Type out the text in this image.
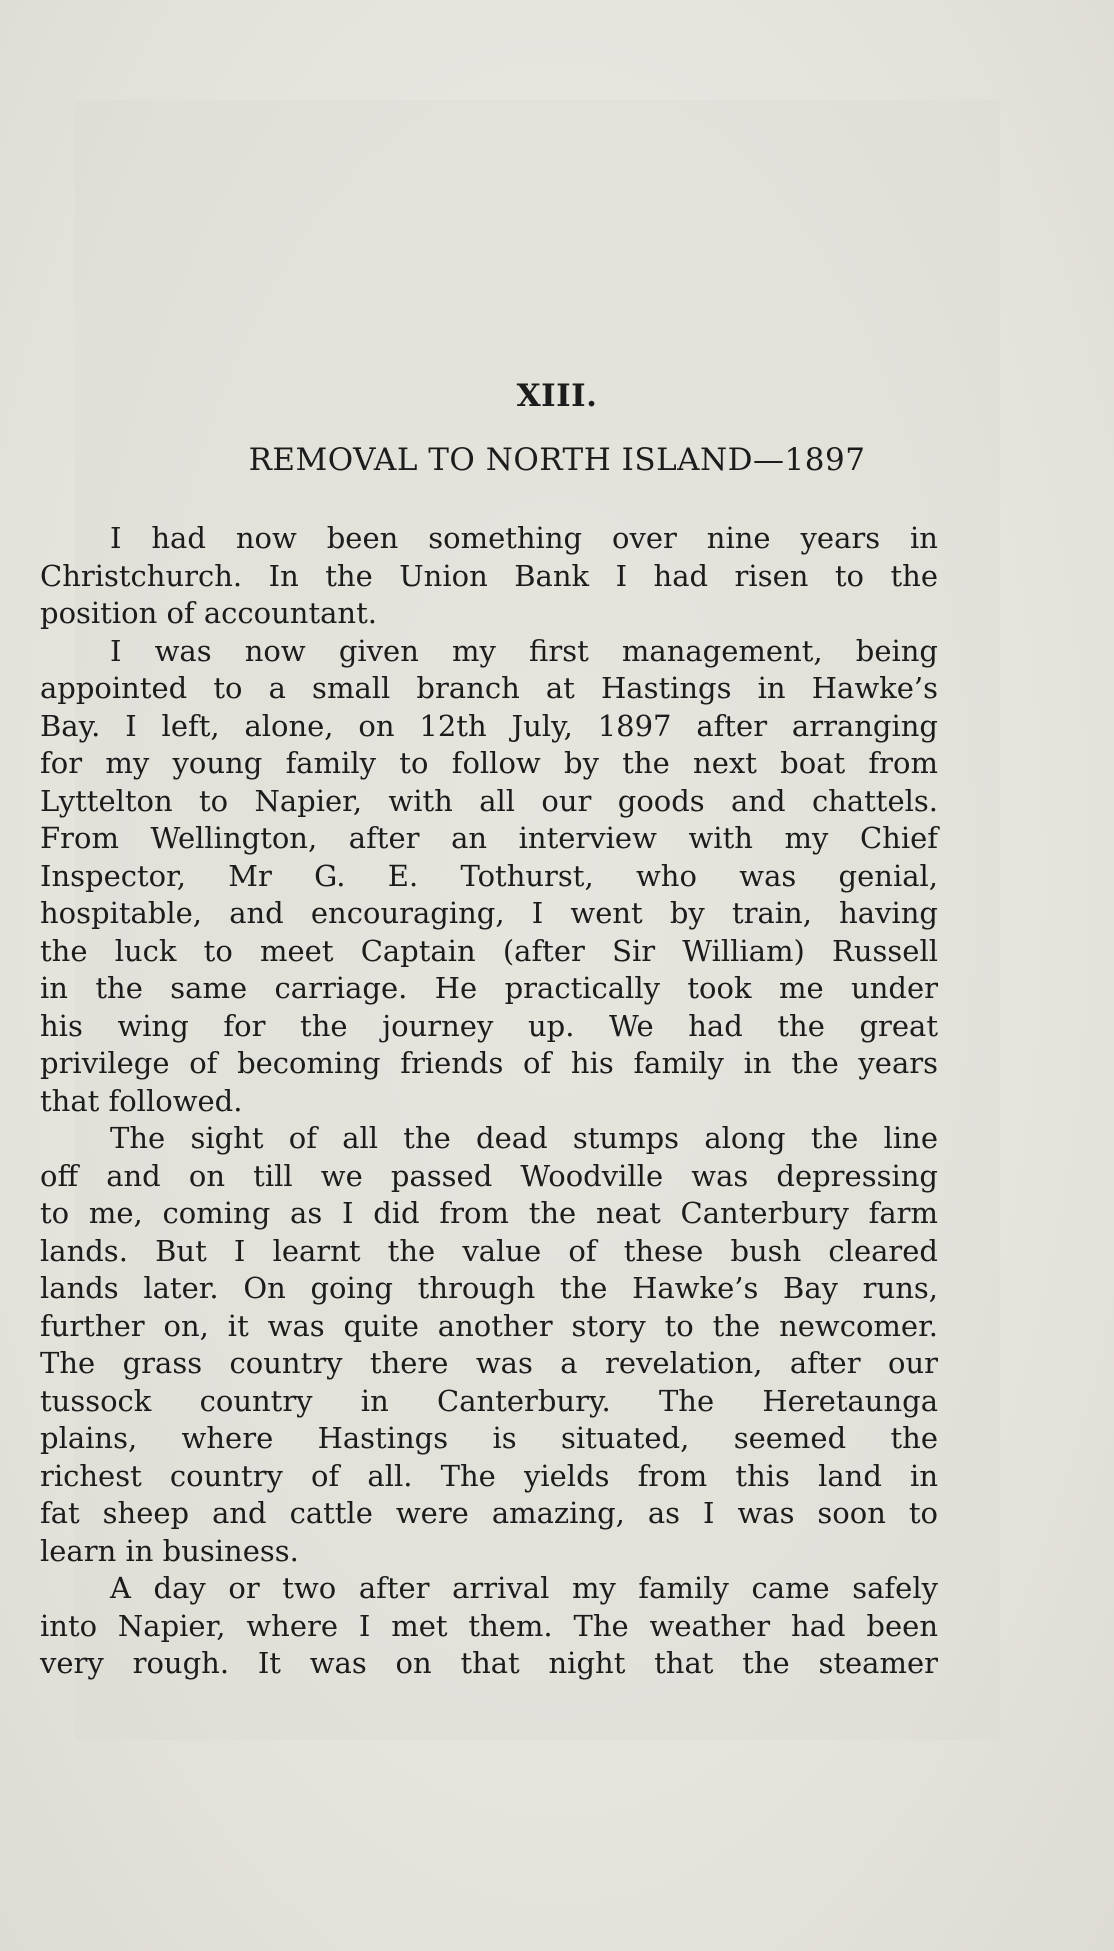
XIII.
REMOVAL TO NORTH ISLAND—1897
I had now been something over nine years in
Christchurch. In the Union Bank I had risen to the
position of accountant.
I was now given my first management, being
appointed to a small branch at Hastings in Hawke’s
Bay. I left, alone, on 12th July, 1897 after arranging
for my young family to follow by the next boat from
Lyttelton to Napier, with all our goods and chattels.
From Wellington, after an interview with my Chief
Inspector, Mr G. E. Tothurst, who was genial,
hospitable, and encouraging, I went by train, having
the luck to meet Captain (after Sir William) Russell
in the same carriage. He practically took me under
his wing for the journey up. We had the great
privilege of becoming friends of his family in the years
that followed.
The sight of all the dead stumps along the line
off and on till we passed Woodville was depressing
to me, coming as I did from the neat Canterbury farm
lands. But I learnt the value of these bush cleared
lands later. On going through the Hawke’s Bay runs,
further on, it was quite another story to the newcomer.
The grass country there was a revelation, after our
tussock country in Canterbury. The Heretaunga
plains, where Hastings is situated, seemed the
richest country of all. The yields from this land in
fat sheep and cattle were amazing, as I was soon to
learn in business.
A day or two after arrival my family came safely
into Napier, where I met them. The weather had been
very rough. It was on that night that the steamer
